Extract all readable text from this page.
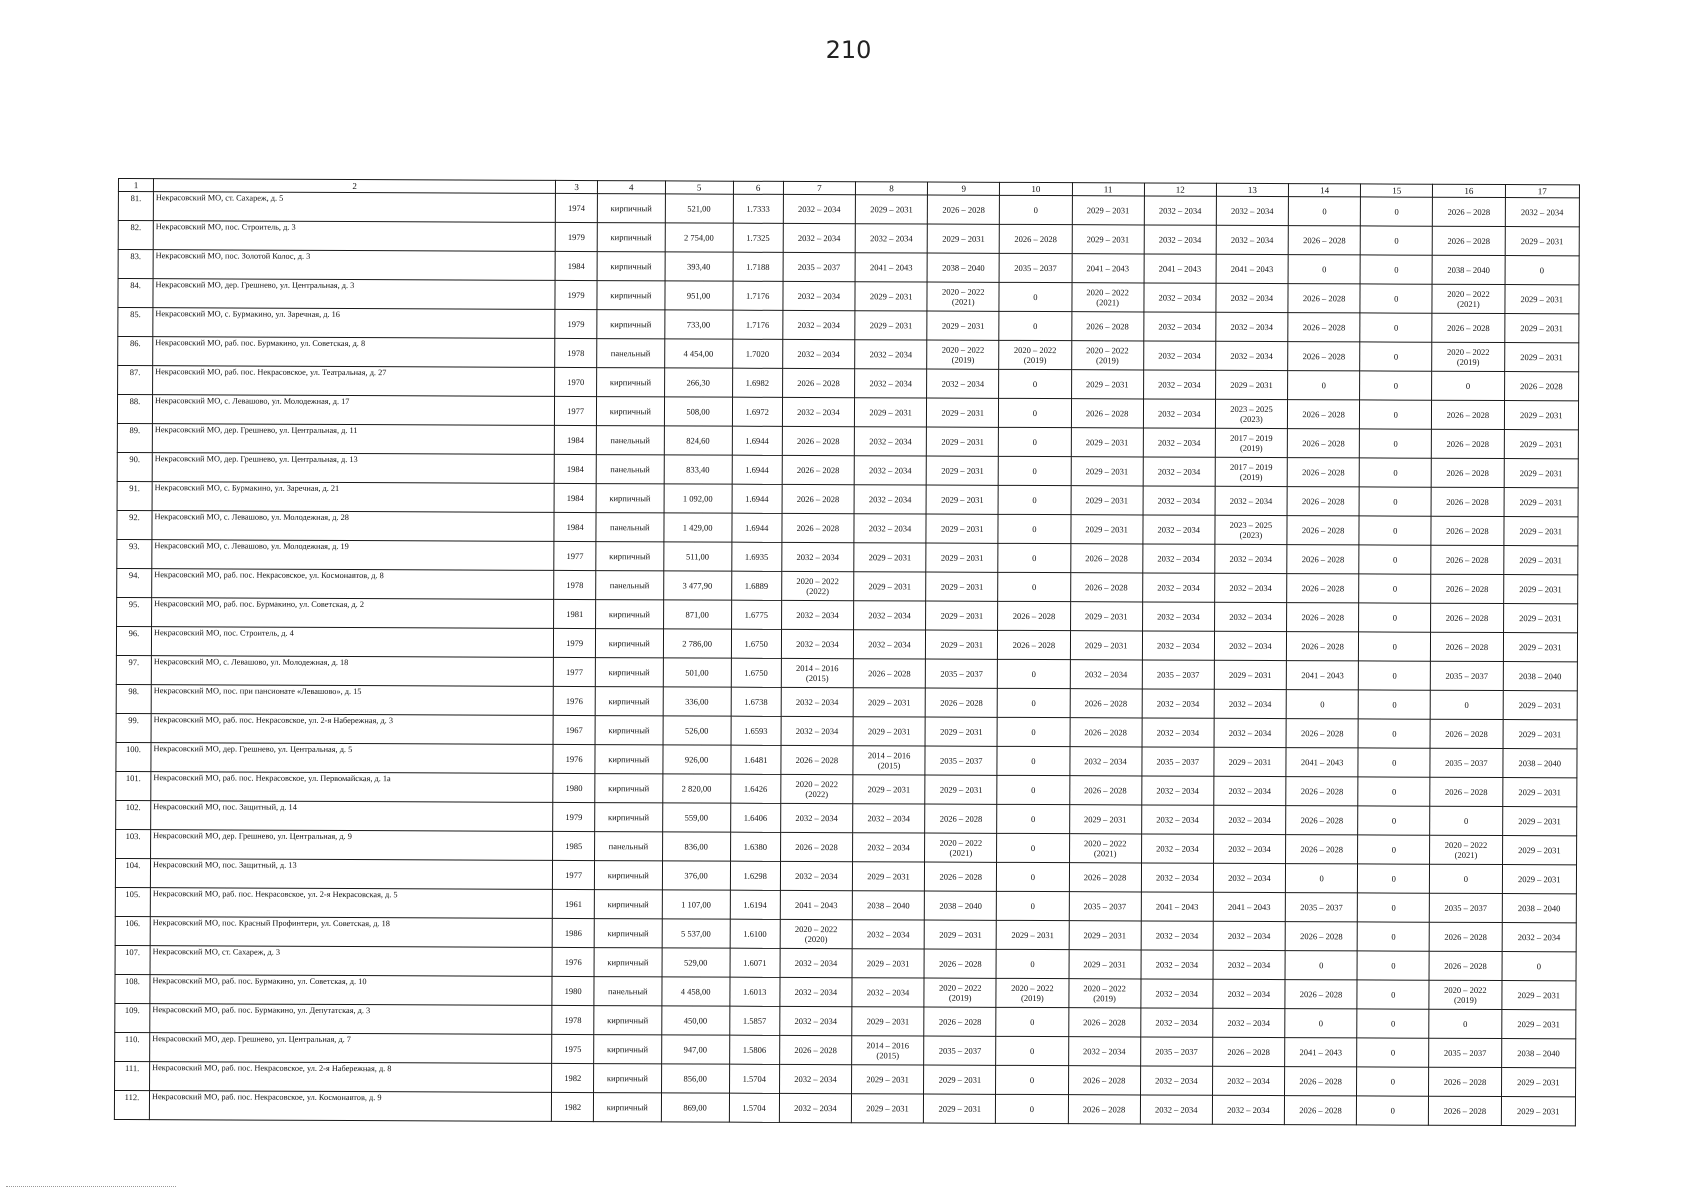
210
1	2	3	4	5	6	7	8	9	10	11	12	13	14	15	16	17
81.	Некрасовский МО, ст. Сахареж, д. 5	1974	кирпичный	521,00	1.7333	2032 – 2034	2029 – 2031	2026 – 2028	0	2029 – 2031	2032 – 2034	2032 – 2034	0	0	2026 – 2028	2032 – 2034
82.	Некрасовский МО, пос. Строитель, д. 3	1979	кирпичный	2 754,00	1.7325	2032 – 2034	2032 – 2034	2029 – 2031	2026 – 2028	2029 – 2031	2032 – 2034	2032 – 2034	2026 – 2028	0	2026 – 2028	2029 – 2031
83.	Некрасовский МО, пос. Золотой Колос, д. 3	1984	кирпичный	393,40	1.7188	2035 – 2037	2041 – 2043	2038 – 2040	2035 – 2037	2041 – 2043	2041 – 2043	2041 – 2043	0	0	2038 – 2040	0
84.	Некрасовский МО, дер. Грешнево, ул. Центральная, д. 3	1979	кирпичный	951,00	1.7176	2032 – 2034	2029 – 2031	2020 – 2022 (2021)	0	2020 – 2022 (2021)	2032 – 2034	2032 – 2034	2026 – 2028	0	2020 – 2022 (2021)	2029 – 2031
85.	Некрасовский МО, с. Бурмакино, ул. Заречная, д. 16	1979	кирпичный	733,00	1.7176	2032 – 2034	2029 – 2031	2029 – 2031	0	2026 – 2028	2032 – 2034	2032 – 2034	2026 – 2028	0	2026 – 2028	2029 – 2031
86.	Некрасовский МО, раб. пос. Бурмакино, ул. Советская, д. 8	1978	панельный	4 454,00	1.7020	2032 – 2034	2032 – 2034	2020 – 2022 (2019)	2020 – 2022 (2019)	2020 – 2022 (2019)	2032 – 2034	2032 – 2034	2026 – 2028	0	2020 – 2022 (2019)	2029 – 2031
87.	Некрасовский МО, раб. пос. Некрасовское, ул. Театральная, д. 27	1970	кирпичный	266,30	1.6982	2026 – 2028	2032 – 2034	2032 – 2034	0	2029 – 2031	2032 – 2034	2029 – 2031	0	0	0	2026 – 2028
88.	Некрасовский МО, с. Левашово, ул. Молодежная, д. 17	1977	кирпичный	508,00	1.6972	2032 – 2034	2029 – 2031	2029 – 2031	0	2026 – 2028	2032 – 2034	2023 – 2025 (2023)	2026 – 2028	0	2026 – 2028	2029 – 2031
89.	Некрасовский МО, дер. Грешнево, ул. Центральная, д. 11	1984	панельный	824,60	1.6944	2026 – 2028	2032 – 2034	2029 – 2031	0	2029 – 2031	2032 – 2034	2017 – 2019 (2019)	2026 – 2028	0	2026 – 2028	2029 – 2031
90.	Некрасовский МО, дер. Грешнево, ул. Центральная, д. 13	1984	панельный	833,40	1.6944	2026 – 2028	2032 – 2034	2029 – 2031	0	2029 – 2031	2032 – 2034	2017 – 2019 (2019)	2026 – 2028	0	2026 – 2028	2029 – 2031
91.	Некрасовский МО, с. Бурмакино, ул. Заречная, д. 21	1984	кирпичный	1 092,00	1.6944	2026 – 2028	2032 – 2034	2029 – 2031	0	2029 – 2031	2032 – 2034	2032 – 2034	2026 – 2028	0	2026 – 2028	2029 – 2031
92.	Некрасовский МО, с. Левашово, ул. Молодежная, д. 28	1984	панельный	1 429,00	1.6944	2026 – 2028	2032 – 2034	2029 – 2031	0	2029 – 2031	2032 – 2034	2023 – 2025 (2023)	2026 – 2028	0	2026 – 2028	2029 – 2031
93.	Некрасовский МО, с. Левашово, ул. Молодежная, д. 19	1977	кирпичный	511,00	1.6935	2032 – 2034	2029 – 2031	2029 – 2031	0	2026 – 2028	2032 – 2034	2032 – 2034	2026 – 2028	0	2026 – 2028	2029 – 2031
94.	Некрасовский МО, раб. пос. Некрасовское, ул. Космонавтов, д. 8	1978	панельный	3 477,90	1.6889	2020 – 2022 (2022)	2029 – 2031	2029 – 2031	0	2026 – 2028	2032 – 2034	2032 – 2034	2026 – 2028	0	2026 – 2028	2029 – 2031
95.	Некрасовский МО, раб. пос. Бурмакино, ул. Советская, д. 2	1981	кирпичный	871,00	1.6775	2032 – 2034	2032 – 2034	2029 – 2031	2026 – 2028	2029 – 2031	2032 – 2034	2032 – 2034	2026 – 2028	0	2026 – 2028	2029 – 2031
96.	Некрасовский МО, пос. Строитель, д. 4	1979	кирпичный	2 786,00	1.6750	2032 – 2034	2032 – 2034	2029 – 2031	2026 – 2028	2029 – 2031	2032 – 2034	2032 – 2034	2026 – 2028	0	2026 – 2028	2029 – 2031
97.	Некрасовский МО, с. Левашово, ул. Молодежная, д. 18	1977	кирпичный	501,00	1.6750	2014 – 2016 (2015)	2026 – 2028	2035 – 2037	0	2032 – 2034	2035 – 2037	2029 – 2031	2041 – 2043	0	2035 – 2037	2038 – 2040
98.	Некрасовский МО, пос. при пансионате «Левашово», д. 15	1976	кирпичный	336,00	1.6738	2032 – 2034	2029 – 2031	2026 – 2028	0	2026 – 2028	2032 – 2034	2032 – 2034	0	0	0	2029 – 2031
99.	Некрасовский МО, раб. пос. Некрасовское, ул. 2-я Набережная, д. 3	1967	кирпичный	526,00	1.6593	2032 – 2034	2029 – 2031	2029 – 2031	0	2026 – 2028	2032 – 2034	2032 – 2034	2026 – 2028	0	2026 – 2028	2029 – 2031
100.	Некрасовский МО, дер. Грешнево, ул. Центральная, д. 5	1976	кирпичный	926,00	1.6481	2026 – 2028	2014 – 2016 (2015)	2035 – 2037	0	2032 – 2034	2035 – 2037	2029 – 2031	2041 – 2043	0	2035 – 2037	2038 – 2040
101.	Некрасовский МО, раб. пос. Некрасовское, ул. Первомайская, д. 1а	1980	кирпичный	2 820,00	1.6426	2020 – 2022 (2022)	2029 – 2031	2029 – 2031	0	2026 – 2028	2032 – 2034	2032 – 2034	2026 – 2028	0	2026 – 2028	2029 – 2031
102.	Некрасовский МО, пос. Защитный, д. 14	1979	кирпичный	559,00	1.6406	2032 – 2034	2032 – 2034	2026 – 2028	0	2029 – 2031	2032 – 2034	2032 – 2034	2026 – 2028	0	0	2029 – 2031
103.	Некрасовский МО, дер. Грешнево, ул. Центральная, д. 9	1985	панельный	836,00	1.6380	2026 – 2028	2032 – 2034	2020 – 2022 (2021)	0	2020 – 2022 (2021)	2032 – 2034	2032 – 2034	2026 – 2028	0	2020 – 2022 (2021)	2029 – 2031
104.	Некрасовский МО, пос. Защитный, д. 13	1977	кирпичный	376,00	1.6298	2032 – 2034	2029 – 2031	2026 – 2028	0	2026 – 2028	2032 – 2034	2032 – 2034	0	0	0	2029 – 2031
105.	Некрасовский МО, раб. пос. Некрасовское, ул. 2-я Некрасовская, д. 5	1961	кирпичный	1 107,00	1.6194	2041 – 2043	2038 – 2040	2038 – 2040	0	2035 – 2037	2041 – 2043	2041 – 2043	2035 – 2037	0	2035 – 2037	2038 – 2040
106.	Некрасовский МО, пос. Красный Профинтерн, ул. Советская, д. 18	1986	кирпичный	5 537,00	1.6100	2020 – 2022 (2020)	2032 – 2034	2029 – 2031	2029 – 2031	2029 – 2031	2032 – 2034	2032 – 2034	2026 – 2028	0	2026 – 2028	2032 – 2034
107.	Некрасовский МО, ст. Сахареж, д. 3	1976	кирпичный	529,00	1.6071	2032 – 2034	2029 – 2031	2026 – 2028	0	2029 – 2031	2032 – 2034	2032 – 2034	0	0	2026 – 2028	0
108.	Некрасовский МО, раб. пос. Бурмакино, ул. Советская, д. 10	1980	панельный	4 458,00	1.6013	2032 – 2034	2032 – 2034	2020 – 2022 (2019)	2020 – 2022 (2019)	2020 – 2022 (2019)	2032 – 2034	2032 – 2034	2026 – 2028	0	2020 – 2022 (2019)	2029 – 2031
109.	Некрасовский МО, раб. пос. Бурмакино, ул. Депутатская, д. 3	1978	кирпичный	450,00	1.5857	2032 – 2034	2029 – 2031	2026 – 2028	0	2026 – 2028	2032 – 2034	2032 – 2034	0	0	0	2029 – 2031
110.	Некрасовский МО, дер. Грешнево, ул. Центральная, д. 7	1975	кирпичный	947,00	1.5806	2026 – 2028	2014 – 2016 (2015)	2035 – 2037	0	2032 – 2034	2035 – 2037	2026 – 2028	2041 – 2043	0	2035 – 2037	2038 – 2040
111.	Некрасовский МО, раб. пос. Некрасовское, ул. 2-я Набережная, д. 8	1982	кирпичный	856,00	1.5704	2032 – 2034	2029 – 2031	2029 – 2031	0	2026 – 2028	2032 – 2034	2032 – 2034	2026 – 2028	0	2026 – 2028	2029 – 2031
112.	Некрасовский МО, раб. пос. Некрасовское, ул. Космонавтов, д. 9	1982	кирпичный	869,00	1.5704	2032 – 2034	2029 – 2031	2029 – 2031	0	2026 – 2028	2032 – 2034	2032 – 2034	2026 – 2028	0	2026 – 2028	2029 – 2031
